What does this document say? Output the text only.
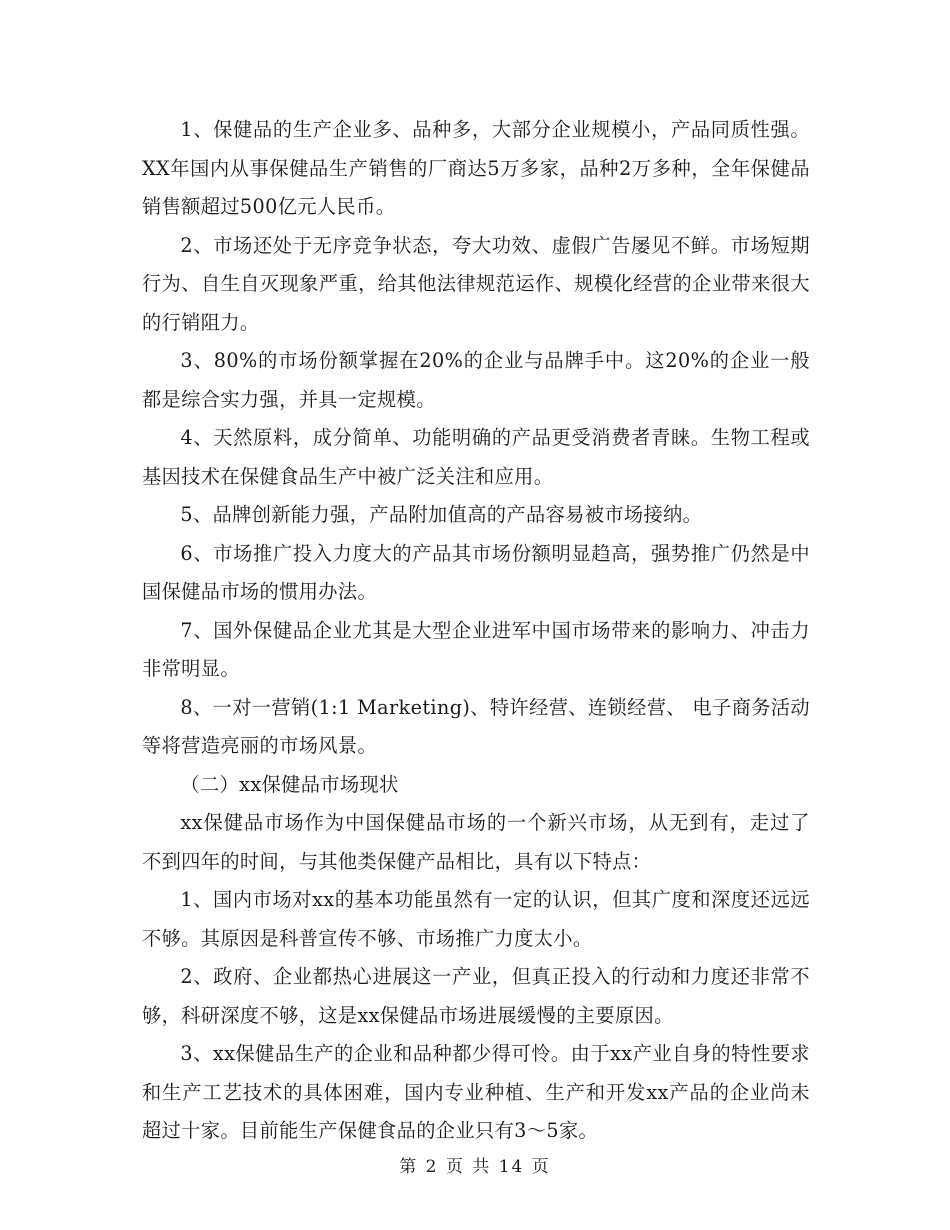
1、保健品的生产企业多、品种多，大部分企业规模小，产品同质性强。XX年国内从事保健品生产销售的厂商达5万多家，品种2万多种，全年保健品销售额超过500亿元人民币。

2、市场还处于无序竞争状态，夸大功效、虚假广告屡见不鲜。市场短期行为、自生自灭现象严重，给其他法律规范运作、规模化经营的企业带来很大的行销阻力。

3、80%的市场份额掌握在20%的企业与品牌手中。这20%的企业一般都是综合实力强，并具一定规模。

4、天然原料，成分简单、功能明确的产品更受消费者青睐。生物工程或基因技术在保健食品生产中被广泛关注和应用。

5、品牌创新能力强，产品附加值高的产品容易被市场接纳。

6、市场推广投入力度大的产品其市场份额明显趋高，强势推广仍然是中国保健品市场的惯用办法。

7、国外保健品企业尤其是大型企业进军中国市场带来的影响力、冲击力非常明显。

8、一对一营销(1:1 Marketing)、特许经营、连锁经营、 电子商务活动等将营造亮丽的市场风景。

（二）xx保健品市场现状

xx保健品市场作为中国保健品市场的一个新兴市场，从无到有，走过了不到四年的时间，与其他类保健产品相比，具有以下特点：

1、国内市场对xx的基本功能虽然有一定的认识，但其广度和深度还远远不够。其原因是科普宣传不够、市场推广力度太小。

2、政府、企业都热心进展这一产业，但真正投入的行动和力度还非常不够，科研深度不够，这是xx保健品市场进展缓慢的主要原因。

3、xx保健品生产的企业和品种都少得可怜。由于xx产业自身的特性要求和生产工艺技术的具体困难，国内专业种植、生产和开发xx产品的企业尚未超过十家。目前能生产保健食品的企业只有3～5家。

第 2 页 共 14 页
